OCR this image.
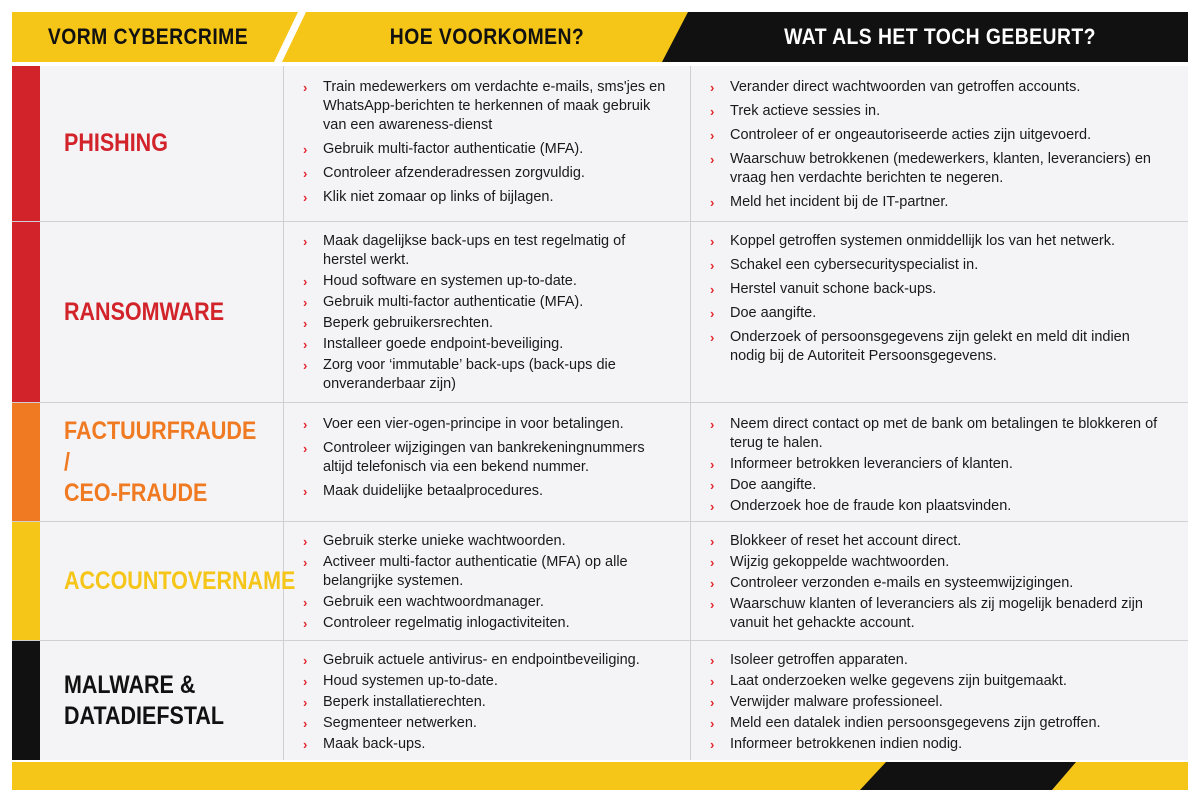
VORM CYBERCRIME	HOE VOORKOMEN?	WAT ALS HET TOCH GEBEURT?
PHISHING
› Train medewerkers om verdachte e-mails, sms'jes en WhatsApp-berichten te herkennen of maak gebruik van een awareness-dienst
› Gebruik multi-factor authenticatie (MFA).
› Controleer afzenderadressen zorgvuldig.
› Klik niet zomaar op links of bijlagen.
› Verander direct wachtwoorden van getroffen accounts.
› Trek actieve sessies in.
› Controleer of er ongeautoriseerde acties zijn uitgevoerd.
› Waarschuw betrokkenen (medewerkers, klanten, leveranciers) en vraag hen verdachte berichten te negeren.
› Meld het incident bij de IT-partner.
RANSOMWARE
› Maak dagelijkse back-ups en test regelmatig of herstel werkt.
› Houd software en systemen up-to-date.
› Gebruik multi-factor authenticatie (MFA).
› Beperk gebruikersrechten.
› Installeer goede endpoint-beveiliging.
› Zorg voor ‘immutable’ back-ups (back-ups die onveranderbaar zijn)
› Koppel getroffen systemen onmiddellijk los van het netwerk.
› Schakel een cybersecurityspecialist in.
› Herstel vanuit schone back-ups.
› Doe aangifte.
› Onderzoek of persoonsgegevens zijn gelekt en meld dit indien nodig bij de Autoriteit Persoonsgegevens.
FACTUURFRAUDE /
CEO-FRAUDE
› Voer een vier-ogen-principe in voor betalingen.
› Controleer wijzigingen van bankrekeningnummers altijd telefonisch via een bekend nummer.
› Maak duidelijke betaalprocedures.
› Neem direct contact op met de bank om betalingen te blokkeren of terug te halen.
› Informeer betrokken leveranciers of klanten.
› Doe aangifte.
› Onderzoek hoe de fraude kon plaatsvinden.
ACCOUNTOVERNAME
› Gebruik sterke unieke wachtwoorden.
› Activeer multi-factor authenticatie (MFA) op alle belangrijke systemen.
› Gebruik een wachtwoordmanager.
› Controleer regelmatig inlogactiviteiten.
› Blokkeer of reset het account direct.
› Wijzig gekoppelde wachtwoorden.
› Controleer verzonden e-mails en systeemwijzigingen.
› Waarschuw klanten of leveranciers als zij mogelijk benaderd zijn vanuit het gehackte account.
MALWARE &
DATADIEFSTAL
› Gebruik actuele antivirus- en endpointbeveiliging.
› Houd systemen up-to-date.
› Beperk installatierechten.
› Segmenteer netwerken.
› Maak back-ups.
› Isoleer getroffen apparaten.
› Laat onderzoeken welke gegevens zijn buitgemaakt.
› Verwijder malware professioneel.
› Meld een datalek indien persoonsgegevens zijn getroffen.
› Informeer betrokkenen indien nodig.
